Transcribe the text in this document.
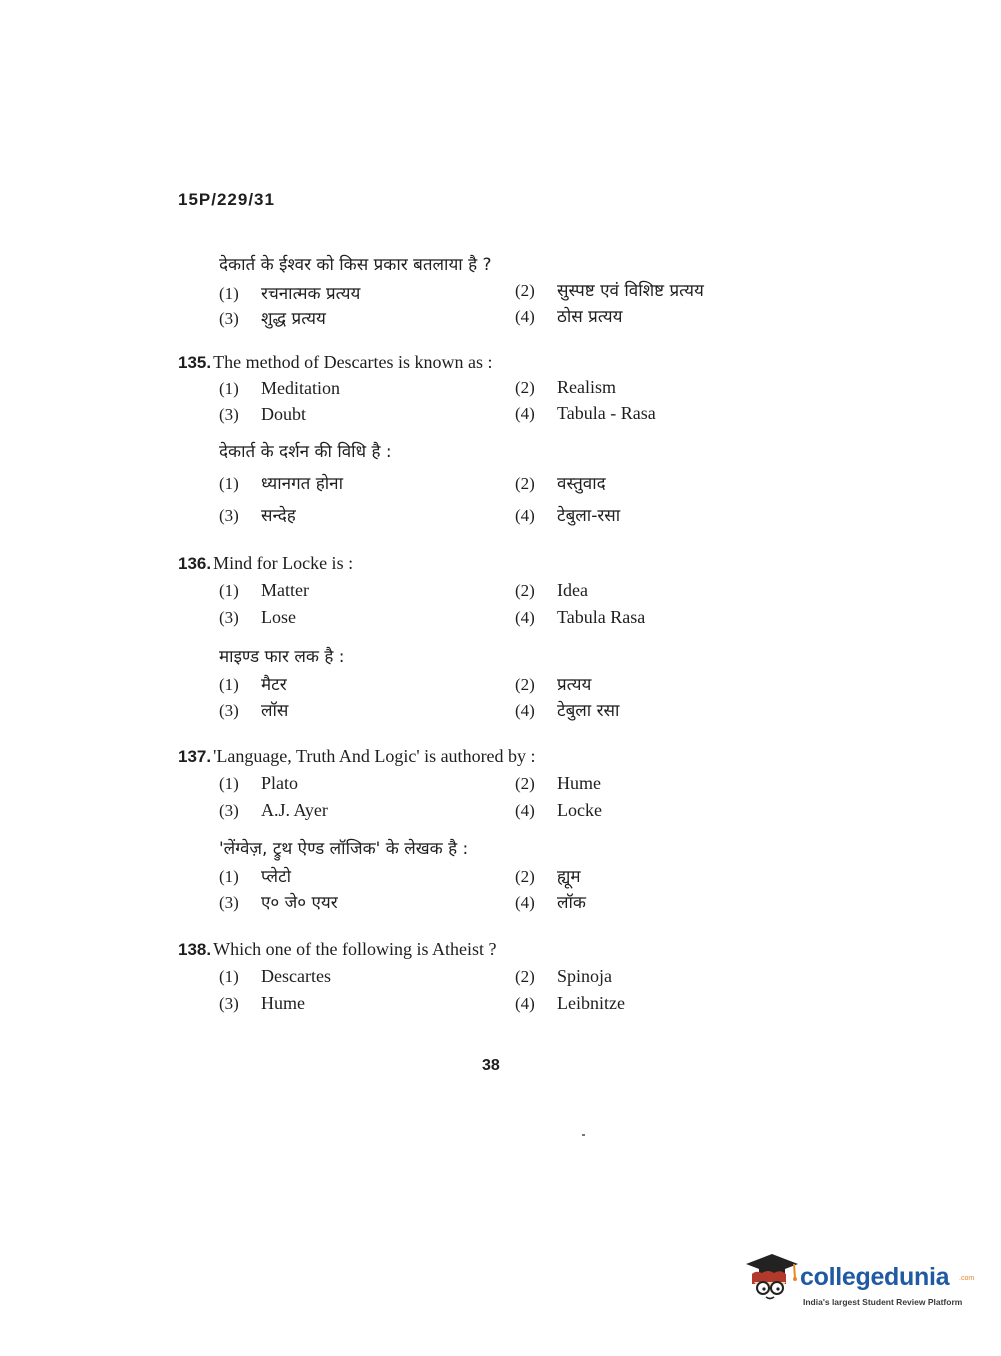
15P/229/31
देकार्त के ईश्वर को किस प्रकार बतलाया है ?
(1) रचनात्मक प्रत्यय	(2) सुस्पष्ट एवं विशिष्ट प्रत्यय
(3) शुद्ध प्रत्यय	(4) ठोस प्रत्यय
135. The method of Descartes is known as :
(1) Meditation	(2) Realism
(3) Doubt	(4) Tabula - Rasa
देकार्त के दर्शन की विधि है :
(1) ध्यानगत होना	(2) वस्तुवाद
(3) सन्देह	(4) टेबुला-रसा
136. Mind for Locke is :
(1) Matter	(2) Idea
(3) Lose	(4) Tabula Rasa
माइण्ड फार लक है :
(1) मैटर	(2) प्रत्यय
(3) लॉस	(4) टेबुला रसा
137. 'Language, Truth And Logic' is authored by :
(1) Plato	(2) Hume
(3) A.J. Ayer	(4) Locke
'लेंग्वेज़, ट्रुथ ऐण्ड लॉजिक' के लेखक है :
(1) प्लेटो	(2) ह्यूम
(3) ए० जे० एयर	(4) लॉक
138. Which one of the following is Atheist ?
(1) Descartes	(2) Spinoja
(3) Hume	(4) Leibnitze
38
collegedunia .com
India's largest Student Review Platform
